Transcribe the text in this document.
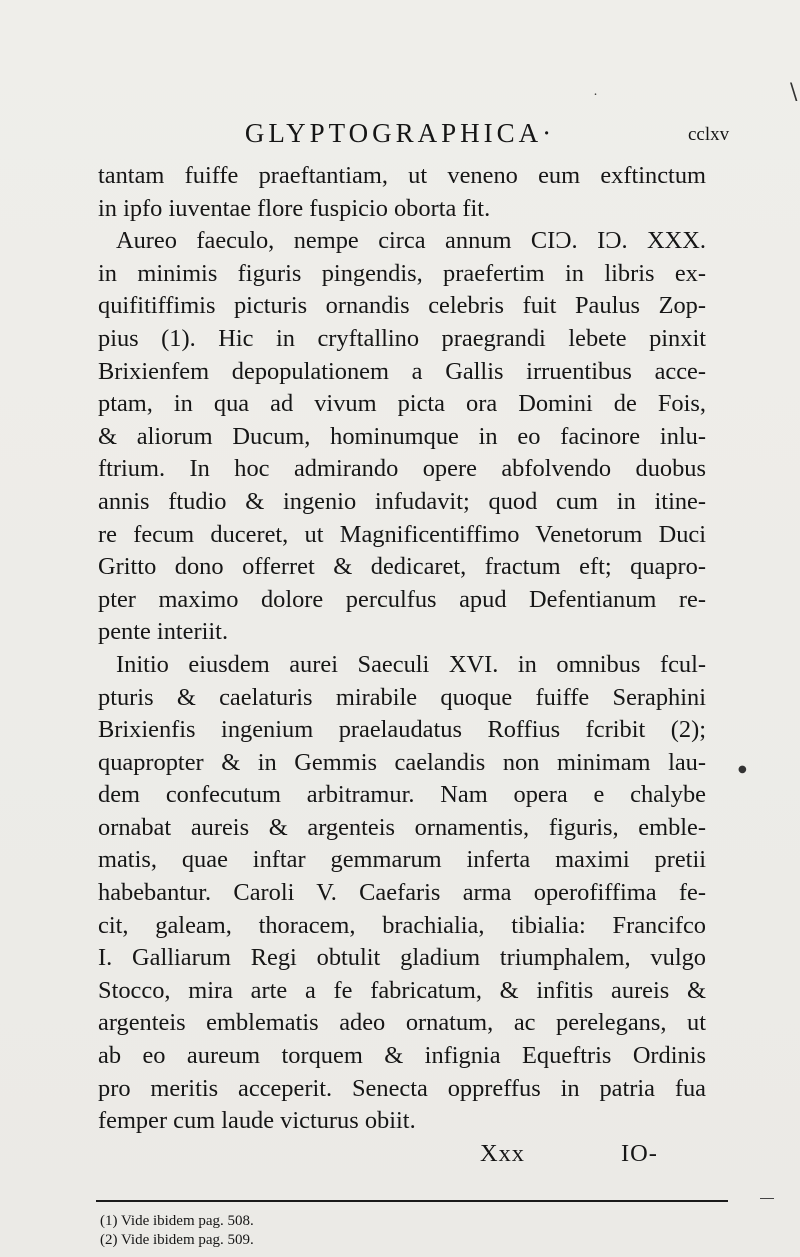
GLYPTOGRAPHICA·	cclxv
tantam fuiffe praeftantiam, ut veneno eum exftinctum
in ipfo iuventae flore fuspicio oborta fit.
Aureo faeculo, nempe circa annum CIƆ. IƆ. XXX.
in minimis figuris pingendis, praefertim in libris ex-
quifitiffimis picturis ornandis celebris fuit Paulus Zop-
pius (1). Hic in cryftallino praegrandi lebete pinxit
Brixienfem depopulationem a Gallis irruentibus acce-
ptam, in qua ad vivum picta ora Domini de Fois,
& aliorum Ducum, hominumque in eo facinore inlu-
ftrium. In hoc admirando opere abfolvendo duobus
annis ftudio & ingenio infudavit; quod cum in itine-
re fecum duceret, ut Magnificentiffimo Venetorum Duci
Gritto dono offerret & dedicaret, fractum eft; quapro-
pter maximo dolore perculfus apud Defentianum re-
pente interiit.
Initio eiusdem aurei Saeculi XVI. in omnibus fcul-
pturis & caelaturis mirabile quoque fuiffe Seraphini
Brixienfis ingenium praelaudatus Roffius fcribit (2);
quapropter & in Gemmis caelandis non minimam lau-
dem confecutum arbitramur. Nam opera e chalybe
ornabat aureis & argenteis ornamentis, figuris, emble-
matis, quae inftar gemmarum inferta maximi pretii
habebantur. Caroli V. Caefaris arma operofiffima fe-
cit, galeam, thoracem, brachialia, tibialia: Francifco
I. Galliarum Regi obtulit gladium triumphalem, vulgo
Stocco, mira arte a fe fabricatum, & infitis aureis &
argenteis emblematis adeo ornatum, ac perelegans, ut
ab eo aureum torquem & infignia Equeftris Ordinis
pro meritis acceperit. Senecta oppreffus in patria fua
femper cum laude victurus obiit.
Xxx	IO-
(1) Vide ibidem pag. 508.
(2) Vide ibidem pag. 509.
˙	\
●
